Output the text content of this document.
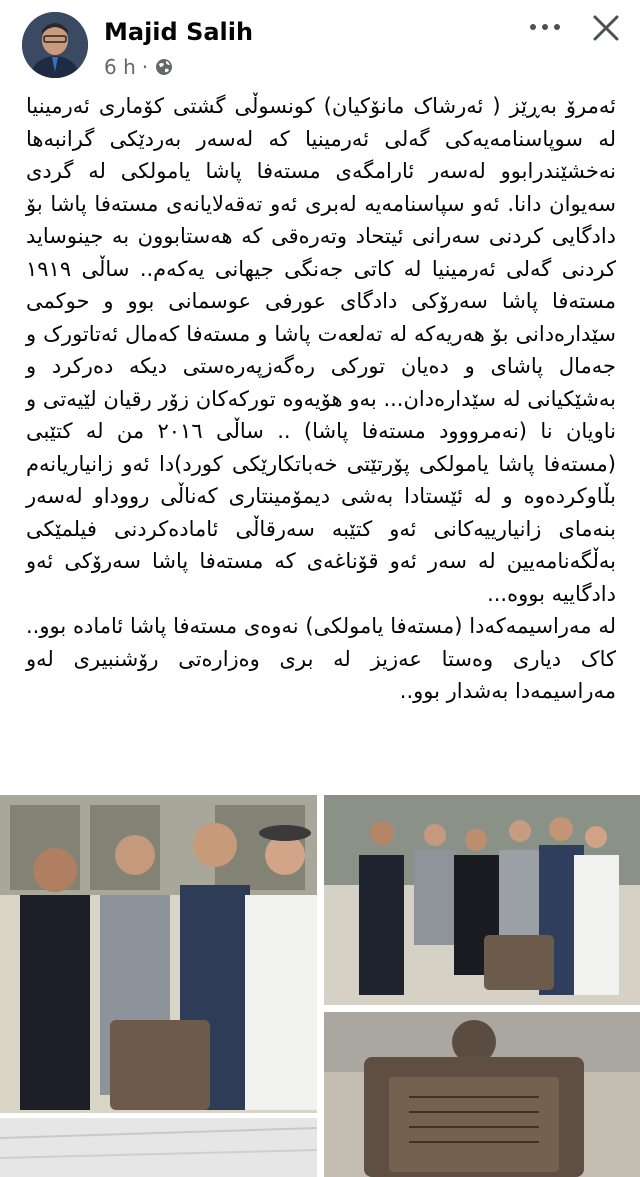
Majid Salih
6 h ·

ئەمرۆ بەڕێز ( ئەرشاک مانۆکیان) کونسوڵی گشتی کۆماری ئەرمینیا لە سوپاسنامەیەکی گەلی ئەرمینیا کە لەسەر بەردێکی گرانبەها نەخشێندرابوو لەسەر ئارامگەی مستەفا پاشا یامولکی لە گردی سەیوان دانا. ئەو سپاسنامەیە لەبری ئەو تەقەلایانەی مستەفا پاشا بۆ دادگایی کردنی سەرانی ئیتحاد وتەرەقی کە هەستابوون بە جینوساید کردنی گەلی ئەرمینیا لە کاتی جەنگی جیهانی یەکەم.. ساڵی ١٩١٩ مستەفا پاشا سەرۆکی دادگای عورفی عوسمانی بوو و حوکمی سێدارەدانی بۆ هەریەکە لە تەلعەت پاشا و مستەفا کەمال ئەتاتورک و جەمال پاشای و دەیان تورکی رەگەزپەرەستی دیکە دەرکرد و بەشێکیانی لە سێدارەدان... بەو هۆیەوە تورکەکان زۆر رقیان لێیەتی و ناویان نا (نەمرووود مستەفا پاشا) .. ساڵی ٢٠١٦ من لە کتێبی (مستەفا پاشا یامولکی پۆرتێتی خەباتکارێکی کورد)دا ئەو زانیاریانەم بڵاوکردەوە و لە ئێستادا بەشی دیمۆمینتاری کەناڵی رووداو لەسەر بنەمای زانیارییەکانی ئەو کتێبە سەرقاڵی ئامادەکردنی فیلمێکی بەڵگەنامەیین لە سەر ئەو قۆناغەی کە مستەفا پاشا سەرۆکی ئەو دادگاییە بووە...

لە مەراسیمەکەدا (مستەفا یامولکی) نەوەی مستەفا پاشا ئامادە بوو.. کاک دیاری وەستا عەزیز لە بری وەزارەتی رۆشنبیری لەو مەراسیمەدا بەشدار بوو..
